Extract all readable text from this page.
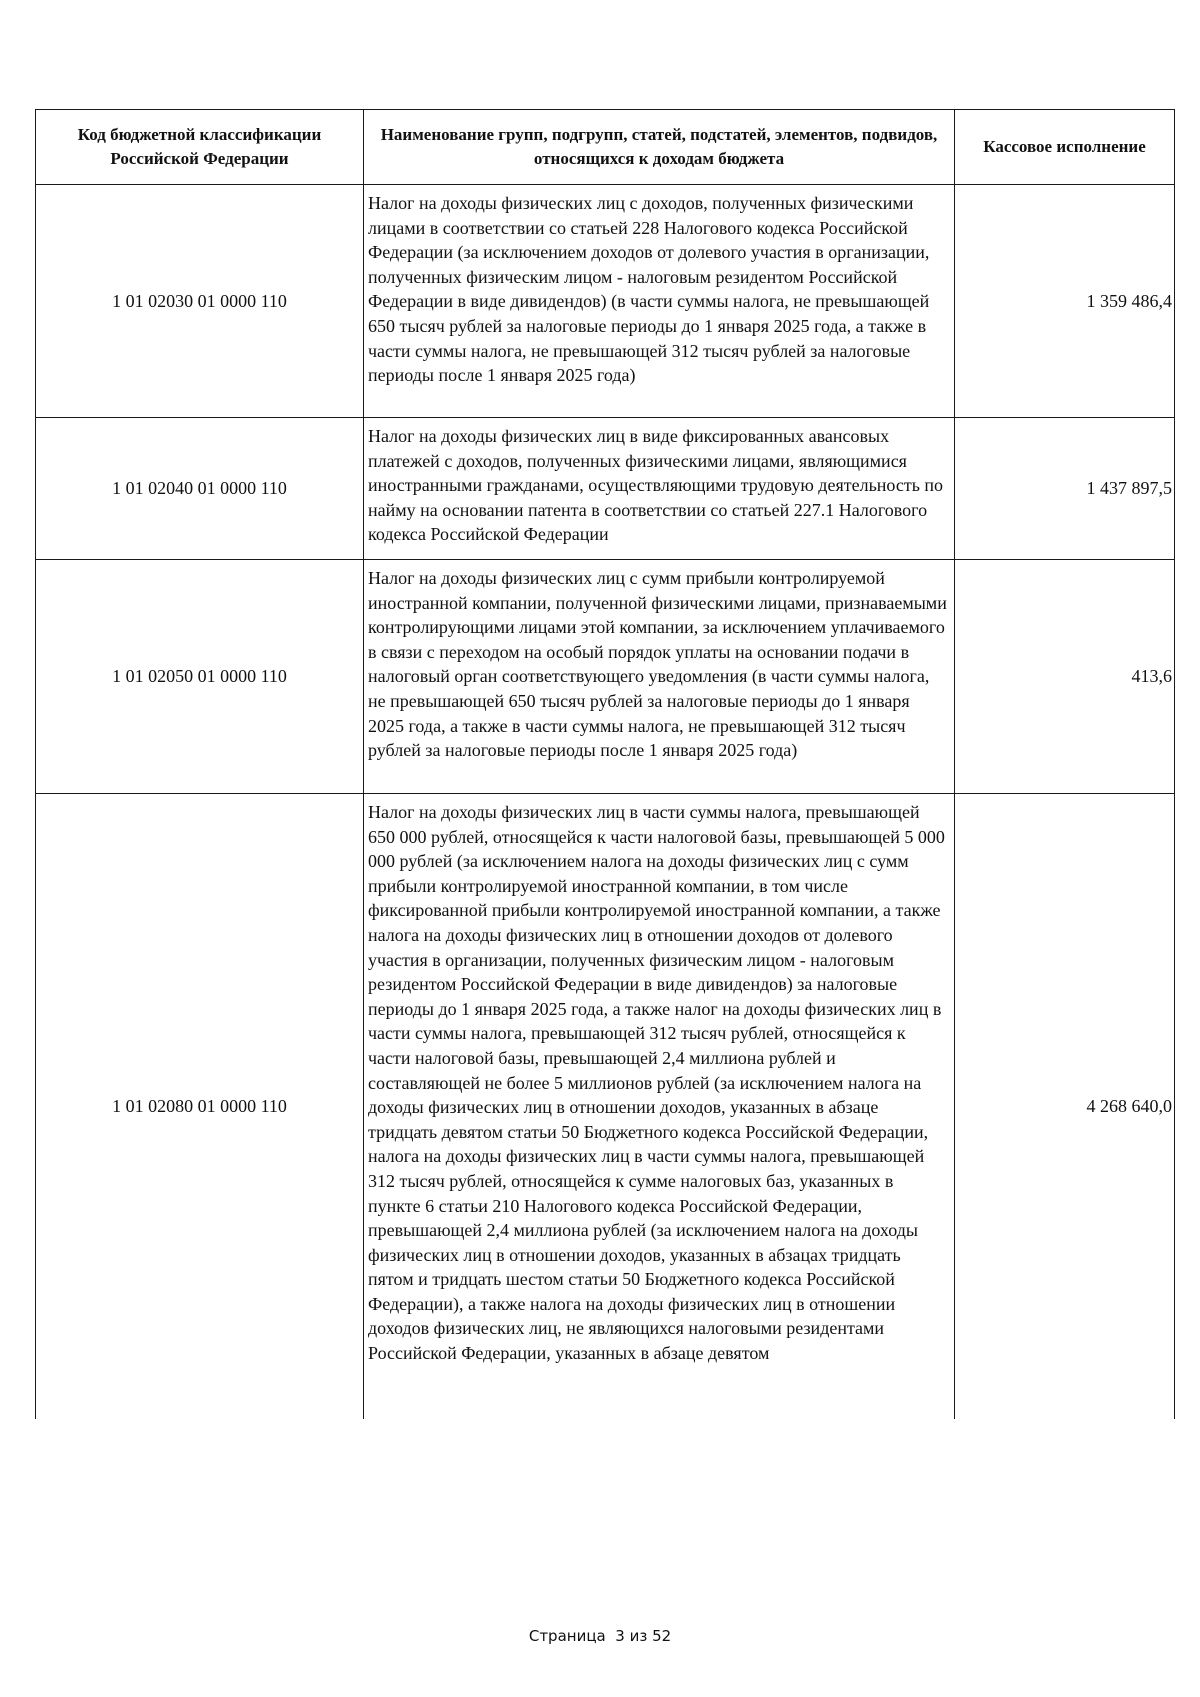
Код бюджетной классификации Российской Федерации	Наименование групп, подгрупп, статей, подстатей, элементов, подвидов, относящихся к доходам бюджета	Кассовое исполнение
1 01 02030 01 0000 110	Налог на доходы физических лиц с доходов, полученных физическими лицами в соответствии со статьей 228 Налогового кодекса Российской Федерации (за исключением доходов от долевого участия в организации, полученных физическим лицом - налоговым резидентом Российской Федерации в виде дивидендов) (в части суммы налога, не превышающей 650 тысяч рублей за налоговые периоды до 1 января 2025 года, а также в части суммы налога, не превышающей 312 тысяч рублей за налоговые периоды после 1 января 2025 года)	1 359 486,4
1 01 02040 01 0000 110	Налог на доходы физических лиц в виде фиксированных авансовых платежей с доходов, полученных физическими лицами, являющимися иностранными гражданами, осуществляющими трудовую деятельность по найму на основании патента в соответствии со статьей 227.1 Налогового кодекса Российской Федерации	1 437 897,5
1 01 02050 01 0000 110	Налог на доходы физических лиц с сумм прибыли контролируемой иностранной компании, полученной физическими лицами, признаваемыми контролирующими лицами этой компании, за исключением уплачиваемого в связи с переходом на особый порядок уплаты на основании подачи в налоговый орган соответствующего уведомления (в части суммы налога, не превышающей 650 тысяч рублей за налоговые периоды до 1 января 2025 года, а также в части суммы налога, не превышающей 312 тысяч рублей за налоговые периоды после 1 января 2025 года)	413,6
1 01 02080 01 0000 110	Налог на доходы физических лиц в части суммы налога, превышающей 650 000 рублей, относящейся к части налоговой базы, превышающей 5 000 000 рублей (за исключением налога на доходы физических лиц с сумм прибыли контролируемой иностранной компании, в том числе фиксированной прибыли контролируемой иностранной компании, а также налога на доходы физических лиц в отношении доходов от долевого участия в организации, полученных физическим лицом - налоговым резидентом Российской Федерации в виде дивидендов) за налоговые периоды до 1 января 2025 года, а также налог на доходы физических лиц в части суммы налога, превышающей 312 тысяч рублей, относящейся к части налоговой базы, превышающей 2,4 миллиона рублей и составляющей не более 5 миллионов рублей (за исключением налога на доходы физических лиц в отношении доходов, указанных в абзаце тридцать девятом статьи 50 Бюджетного кодекса Российской Федерации, налога на доходы физических лиц в части суммы налога, превышающей 312 тысяч рублей, относящейся к сумме налоговых баз, указанных в пункте 6 статьи 210 Налогового кодекса Российской Федерации, превышающей 2,4 миллиона рублей (за исключением налога на доходы физических лиц в отношении доходов, указанных в абзацах тридцать пятом и тридцать шестом статьи 50 Бюджетного кодекса Российской Федерации), а также налога на доходы физических лиц в отношении доходов физических лиц, не являющихся налоговыми резидентами Российской Федерации, указанных в абзаце девятом	4 268 640,0
Страница  3 из 52
